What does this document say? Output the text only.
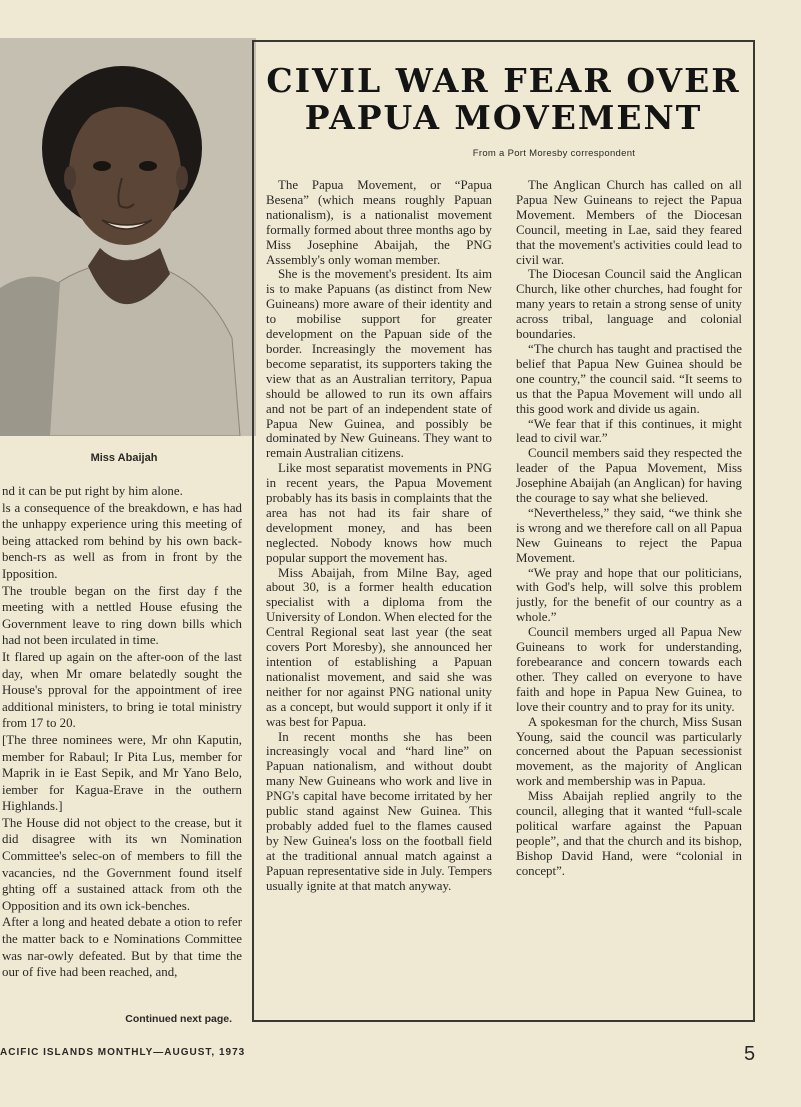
Miss Abaijah

nd it can be put right by him alone.

ls a consequence of the breakdown, e has had the unhappy experience uring this meeting of being attacked rom behind by his own back-bench-rs as well as from in front by the Ipposition.

The trouble began on the first day f the meeting with a nettled House efusing the Government leave to ring down bills which had not been irculated in time.

It flared up again on the after-oon of the last day, when Mr omare belatedly sought the House's pproval for the appointment of iree additional ministers, to bring ie total ministry from 17 to 20.

[The three nominees were, Mr ohn Kaputin, member for Rabaul; Ir Pita Lus, member for Maprik in ie East Sepik, and Mr Yano Belo, iember for Kagua-Erave in the outhern Highlands.]

The House did not object to the crease, but it did disagree with its wn Nomination Committee's selec-on of members to fill the vacancies, nd the Government found itself ghting off a sustained attack from oth the Opposition and its own ick-benches.

After a long and heated debate a otion to refer the matter back to e Nominations Committee was nar-owly defeated. But by that time the our of five had been reached, and,

Continued next page.
CIVIL WAR FEAR OVER
PAPUA MOVEMENT
From a Port Moresby correspondent

The Papua Movement, or “Papua Besena” (which means roughly Papuan nationalism), is a nationalist movement formally formed about three months ago by Miss Josephine Abaijah, the PNG Assembly's only woman member.

She is the movement's president. Its aim is to make Papuans (as distinct from New Guineans) more aware of their identity and to mobilise support for greater development on the Papuan side of the border. Increasingly the movement has become separatist, its supporters taking the view that as an Australian territory, Papua should be allowed to run its own affairs and not be part of an independent state of Papua New Guinea, and possibly be dominated by New Guineans. They want to remain Australian citizens.

Like most separatist movements in PNG in recent years, the Papua Movement probably has its basis in complaints that the area has not had its fair share of development money, and has been neglected. Nobody knows how much popular support the movement has.

Miss Abaijah, from Milne Bay, aged about 30, is a former health education specialist with a diploma from the University of London. When elected for the Central Regional seat last year (the seat covers Port Moresby), she announced her intention of establishing a Papuan nationalist movement, and said she was neither for nor against PNG national unity as a concept, but would support it only if it was best for Papua.

In recent months she has been increasingly vocal and “hard line” on Papuan nationalism, and without doubt many New Guineans who work and live in PNG's capital have become irritated by her public stand against New Guinea. This probably added fuel to the flames caused by New Guinea's loss on the football field at the traditional annual match against a Papuan representative side in July. Tempers usually ignite at that match anyway.

The Anglican Church has called on all Papua New Guineans to reject the Papua Movement. Members of the Diocesan Council, meeting in Lae, said they feared that the movement's activities could lead to civil war.

The Diocesan Council said the Anglican Church, like other churches, had fought for many years to retain a strong sense of unity across tribal, language and colonial boundaries.

“The church has taught and practised the belief that Papua New Guinea should be one country,” the council said. “It seems to us that the Papua Movement will undo all this good work and divide us again.

“We fear that if this continues, it might lead to civil war.”

Council members said they respected the leader of the Papua Movement, Miss Josephine Abaijah (an Anglican) for having the courage to say what she believed.

“Nevertheless,” they said, “we think she is wrong and we therefore call on all Papua New Guineans to reject the Papua Movement.

“We pray and hope that our politicians, with God's help, will solve this problem justly, for the benefit of our country as a whole.”

Council members urged all Papua New Guineans to work for understanding, forebearance and concern towards each other. They called on everyone to have faith and hope in Papua New Guinea, to love their country and to pray for its unity.

A spokesman for the church, Miss Susan Young, said the council was particularly concerned about the Papuan secessionist movement, as the majority of Anglican work and membership was in Papua.

Miss Abaijah replied angrily to the council, alleging that it wanted “full-scale political warfare against the Papuan people”, and that the church and its bishop, Bishop David Hand, were “colonial in concept”.

ACIFIC ISLANDS MONTHLY—AUGUST, 1973	5
